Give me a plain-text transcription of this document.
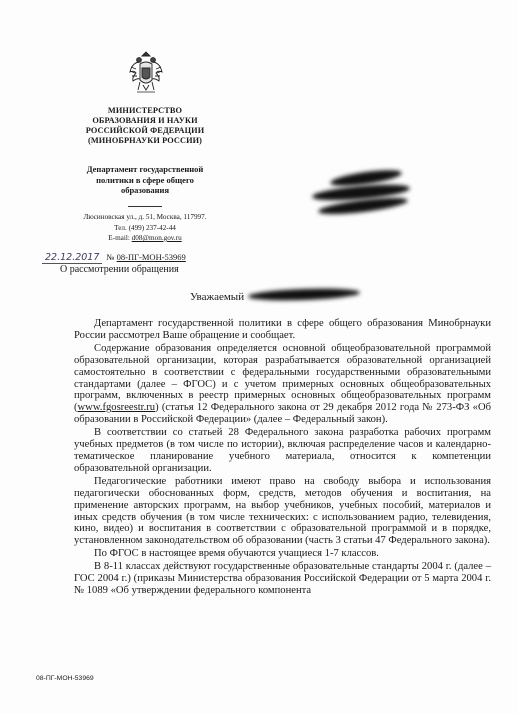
МИНИСТЕРСТВО
ОБРАЗОВАНИЯ И НАУКИ
РОССИЙСКОЙ ФЕДЕРАЦИИ
(МИНОБРНАУКИ РОССИИ)
Департамент государственной
политики в сфере общего
образования
Люсиновская ул., д. 51, Москва, 117997.
Тел. (499) 237-42-44
E-mail: d08@mon.gov.ru
22.12.2017 № 08-ПГ-МОН-53969
О рассмотрении обращения
Уважаемый

Департамент государственной политики в сфере общего образования Минобрнауки России рассмотрел Ваше обращение и сообщает.

Содержание образования определяется основной общеобразовательной программой образовательной организации, которая разрабатывается образовательной организацией самостоятельно в соответствии с федеральными государственными образовательными стандартами (далее – ФГОС) и с учетом примерных основных общеобразовательных программ, включенных в реестр примерных основных общеобразовательных программ (www.fgosreestr.ru) (статья 12 Федерального закона от 29 декабря 2012 года № 273-ФЗ «Об образовании в Российской Федерации» (далее – Федеральный закон).

В соответствии со статьей 28 Федерального закона разработка рабочих программ учебных предметов (в том числе по истории), включая распределение часов и календарно-тематическое планирование учебного материала, относится к компетенции образовательной организации.

Педагогические работники имеют право на свободу выбора и использования педагогически обоснованных форм, средств, методов обучения и воспитания, на применение авторских программ, на выбор учебников, учебных пособий, материалов и иных средств обучения (в том числе технических: с использованием радио, телевидения, кино, видео) и воспитания в соответствии с образовательной программой и в порядке, установленном законодательством об образовании (часть 3 статьи 47 Федерального закона).

По ФГОС в настоящее время обучаются учащиеся 1-7 классов.

В 8-11 классах действуют государственные образовательные стандарты 2004 г. (далее – ГОС 2004 г.) (приказы Министерства образования Российской Федерации от 5 марта 2004 г. № 1089 «Об утверждении федерального компонента

08-ПГ-МОН-53969
